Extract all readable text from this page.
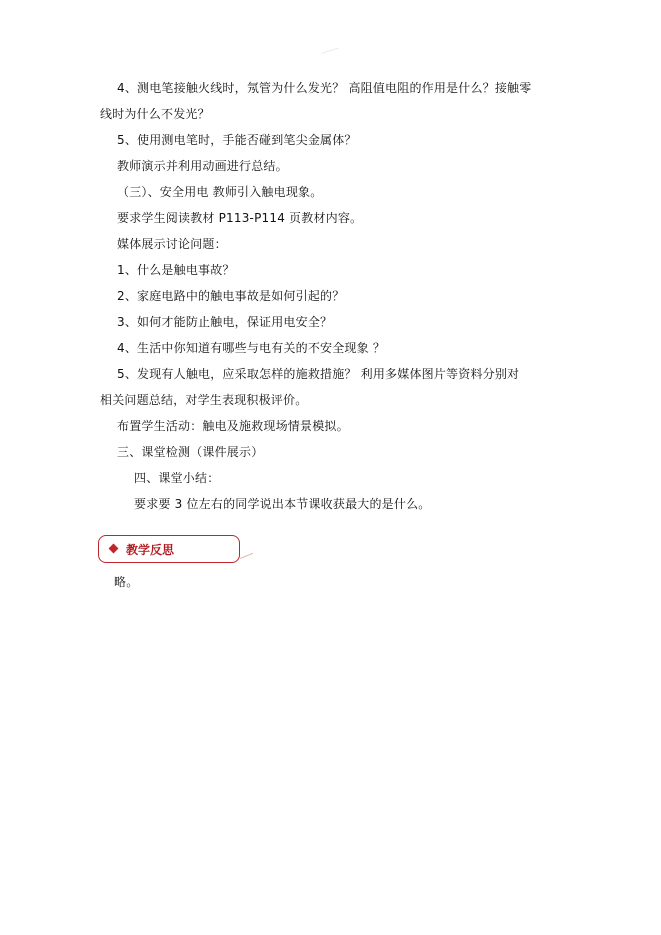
4、测电笔接触火线时，氖管为什么发光？ 高阻值电阻的作用是什么？接触零
线时为什么不发光？
5、使用测电笔时，手能否碰到笔尖金属体？
教师演示并利用动画进行总结。
（三）、安全用电 教师引入触电现象。
要求学生阅读教材 P113-P114 页教材内容。
媒体展示讨论问题：
1、什么是触电事故？
2、家庭电路中的触电事故是如何引起的？
3、如何才能防止触电，保证用电安全？
4、生活中你知道有哪些与电有关的不安全现象 ？
5、发现有人触电，应采取怎样的施救措施？ 利用多媒体图片等资料分别对
相关问题总结，对学生表现积极评价。
布置学生活动：触电及施救现场情景模拟。
三、课堂检测（课件展示）
四、课堂小结：
要求要 3 位左右的同学说出本节课收获最大的是什么。
教学反思
略。
